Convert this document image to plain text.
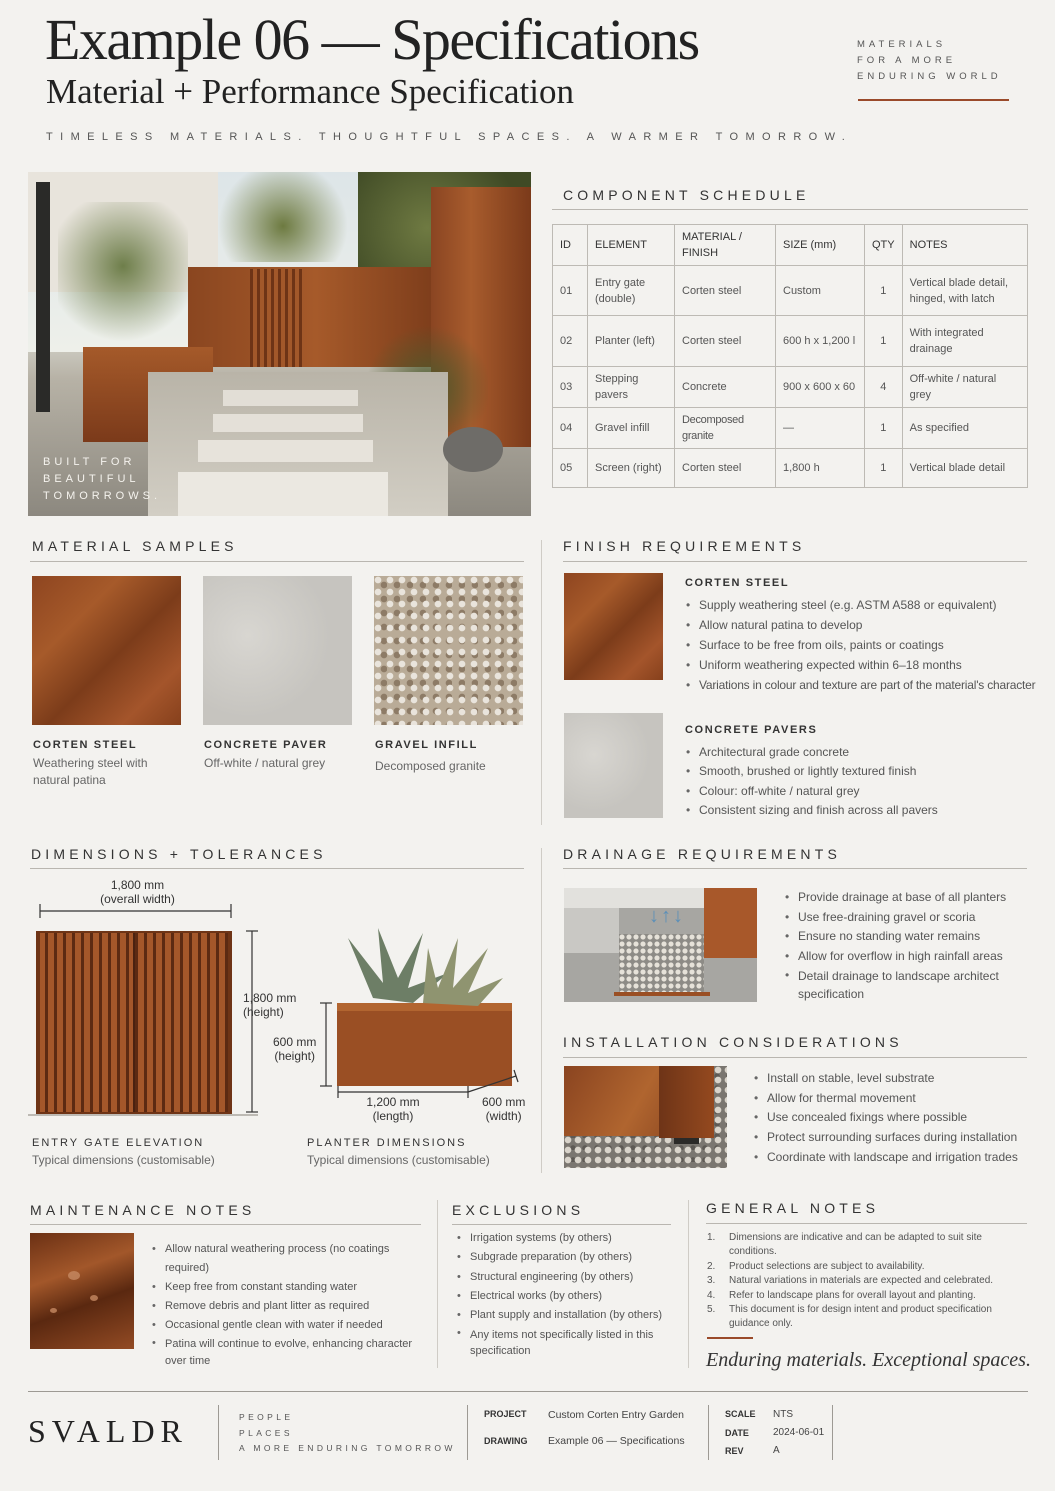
Example 06 — Specifications
Material + Performance Specification
TIMELESS MATERIALS. THOUGHTFUL SPACES. A WARMER TOMORROW.
MATERIALS
FOR A MORE
ENDURING WORLD
BUILT FOR
BEAUTIFUL
TOMORROWS.
COMPONENT SCHEDULE
ID	ELEMENT	MATERIAL / FINISH	SIZE (mm)	QTY	NOTES
01	Entry gate (double)	Corten steel	Custom	1	Vertical blade detail, hinged, with latch
02	Planter (left)	Corten steel	600 h x 1,200 l	1	With integrated drainage
03	Stepping pavers	Concrete	900 x 600 x 60	4	Off-white / natural grey
04	Gravel infill	Decomposed granite	—	1	As specified
05	Screen (right)	Corten steel	1,800 h	1	Vertical blade detail
MATERIAL SAMPLES
CORTEN STEEL
Weathering steel with natural patina
CONCRETE PAVER
Off-white / natural grey
GRAVEL INFILL
Decomposed granite
FINISH REQUIREMENTS
CORTEN STEEL
• Supply weathering steel (e.g. ASTM A588 or equivalent)
• Allow natural patina to develop
• Surface to be free from oils, paints or coatings
• Uniform weathering expected within 6–18 months
• Variations in colour and texture are part of the material's character
CONCRETE PAVERS
• Architectural grade concrete
• Smooth, brushed or lightly textured finish
• Colour: off-white / natural grey
• Consistent sizing and finish across all pavers
DIMENSIONS + TOLERANCES
1,800 mm
(overall width)
1,800 mm
(height)
600 mm
(height)
1,200 mm
(length)
600 mm
(width)
ENTRY GATE ELEVATION
Typical dimensions (customisable)
PLANTER DIMENSIONS
Typical dimensions (customisable)
DRAINAGE REQUIREMENTS
↓↑↓
• Provide drainage at base of all planters
• Use free-draining gravel or scoria
• Ensure no standing water remains
• Allow for overflow in high rainfall areas
• Detail drainage to landscape architect specification
INSTALLATION CONSIDERATIONS
• Install on stable, level substrate
• Allow for thermal movement
• Use concealed fixings where possible
• Protect surrounding surfaces during installation
• Coordinate with landscape and irrigation trades
MAINTENANCE NOTES
• Allow natural weathering process (no coatings required)
• Keep free from constant standing water
• Remove debris and plant litter as required
• Occasional gentle clean with water if needed
• Patina will continue to evolve, enhancing character over time
EXCLUSIONS
• Irrigation systems (by others)
• Subgrade preparation (by others)
• Structural engineering (by others)
• Electrical works (by others)
• Plant supply and installation (by others)
• Any items not specifically listed in this specification
GENERAL NOTES
1. Dimensions are indicative and can be adapted to suit site conditions.
2. Product selections are subject to availability.
3. Natural variations in materials are expected and celebrated.
4. Refer to landscape plans for overall layout and planting.
5. This document is for design intent and product specification guidance only.
Enduring materials. Exceptional spaces.
SVALDR	PEOPLE
PLACES
A MORE ENDURING TOMORROW
PROJECT Custom Corten Entry Garden
DRAWING Example 06 — Specifications
SCALE NTS
DATE 2024-06-01
REV	A
